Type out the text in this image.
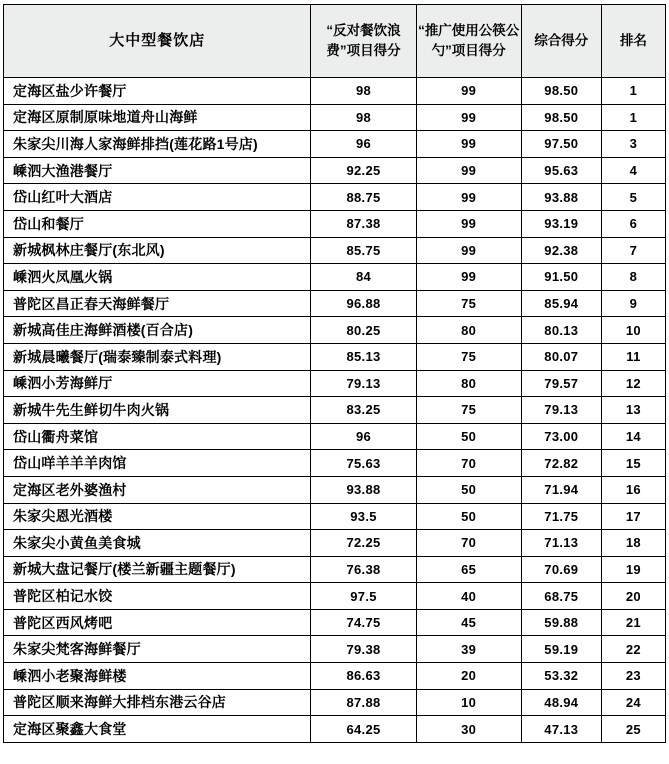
大中型餐饮店	“反对餐饮浪费”项目得分	“推广使用公筷公勺”项目得分	综合得分	排名
定海区盐少许餐厅	98	99	98.50	1
定海区原制原味地道舟山海鲜	98	99	98.50	1
朱家尖川海人家海鲜排挡(莲花路1号店)	96	99	97.50	3
嵊泗大渔港餐厅	92.25	99	95.63	4
岱山红叶大酒店	88.75	99	93.88	5
岱山和餐厅	87.38	99	93.19	6
新城枫林庄餐厅(东北风)	85.75	99	92.38	7
嵊泗火凤凰火锅	84	99	91.50	8
普陀区昌正春天海鲜餐厅	96.88	75	85.94	9
新城高佳庄海鲜酒楼(百合店)	80.25	80	80.13	10
新城晨曦餐厅(瑞泰臻制泰式料理)	85.13	75	80.07	11
嵊泗小芳海鲜厅	79.13	80	79.57	12
新城牛先生鲜切牛肉火锅	83.25	75	79.13	13
岱山衢舟菜馆	96	50	73.00	14
岱山咩羊羊羊肉馆	75.63	70	72.82	15
定海区老外婆渔村	93.88	50	71.94	16
朱家尖恩光酒楼	93.5	50	71.75	17
朱家尖小黄鱼美食城	72.25	70	71.13	18
新城大盘记餐厅(楼兰新疆主题餐厅)	76.38	65	70.69	19
普陀区柏记水饺	97.5	40	68.75	20
普陀区西风烤吧	74.75	45	59.88	21
朱家尖梵客海鲜餐厅	79.38	39	59.19	22
嵊泗小老聚海鲜楼	86.63	20	53.32	23
普陀区顺来海鲜大排档东港云谷店	87.88	10	48.94	24
定海区聚鑫大食堂	64.25	30	47.13	25
